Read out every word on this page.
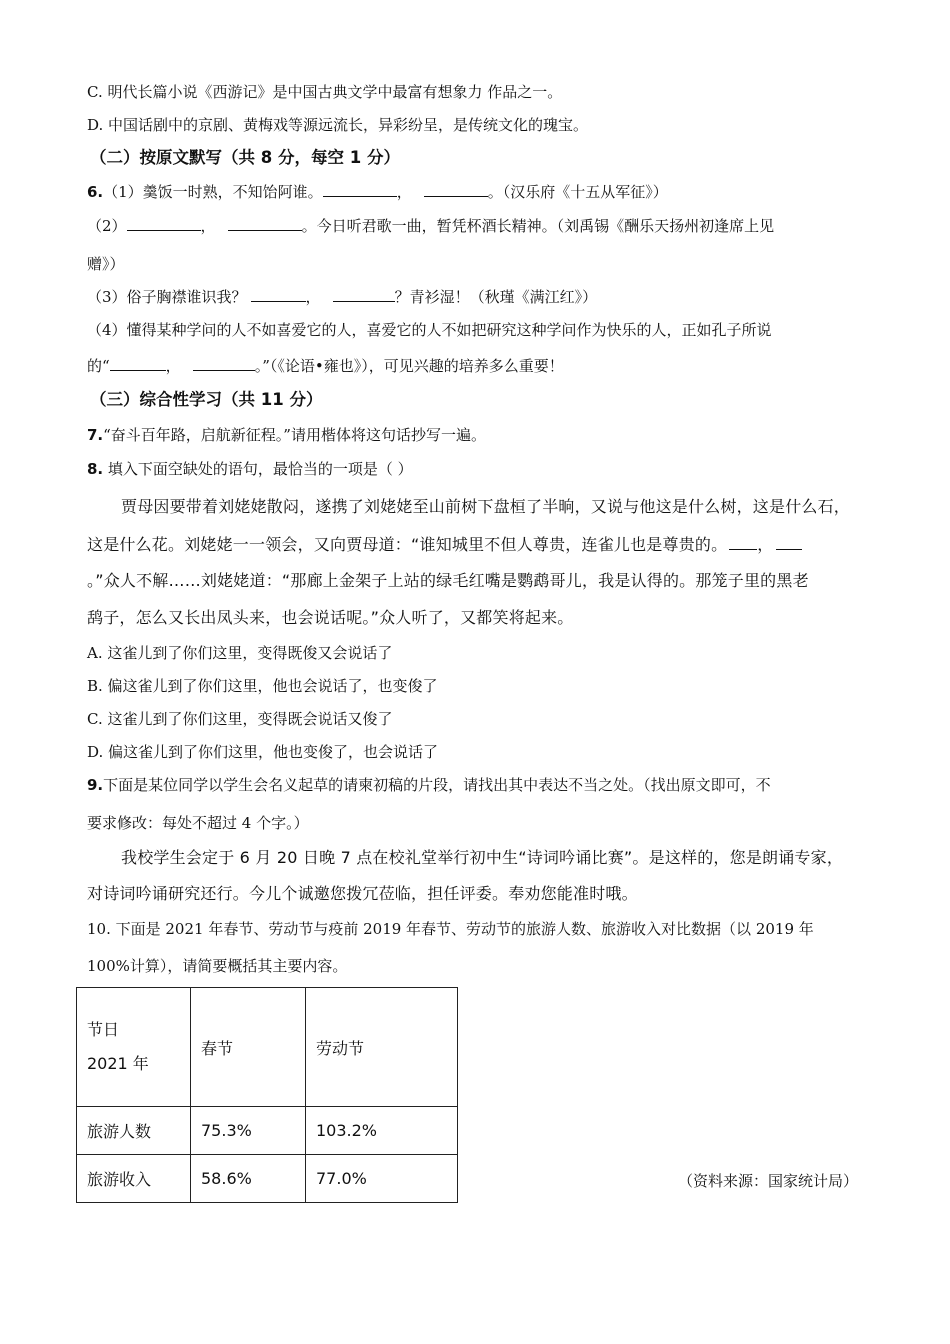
C. 明代长篇小说《西游记》是中国古典文学中最富有想象力 作品之一。
D. 中国话剧中的京剧、黄梅戏等源远流长，异彩纷呈，是传统文化的瑰宝。
（二）按原文默写（共 8 分，每空 1 分）
6.（1）羹饭一时熟，不知饴阿谁。	，	。（汉乐府《十五从军征》）
（2）	，	。今日听君歌一曲，暂凭杯酒长精神。（刘禹锡《酬乐天扬州初逢席上见
赠》）
（3）俗子胸襟谁识我？	，	？青衫湿！（秋瑾《满江红》）
（4）懂得某种学问的人不如喜爱它的人，喜爱它的人不如把研究这种学问作为快乐的人，正如孔子所说
的“	，	。”（《论语•雍也》），可见兴趣的培养多么重要！
（三）综合性学习（共 11 分）
7.“奋斗百年路，启航新征程。”请用楷体将这句话抄写一遍。
8. 填入下面空缺处的语句，最恰当的一项是（ ）
贾母因要带着刘姥姥散闷，遂携了刘姥姥至山前树下盘桓了半晌，又说与他这是什么树，这是什么石，
这是什么花。刘姥姥一一领会，又向贾母道：“谁知城里不但人尊贵，连雀儿也是尊贵的。 ，
。”众人不解……刘姥姥道：“那廊上金架子上站的绿毛红嘴是鹦鹉哥儿，我是认得的。那笼子里的黑老
鸹子，怎么又长出凤头来，也会说话呢。”众人听了，又都笑将起来。
A. 这雀儿到了你们这里，变得既俊又会说话了
B. 偏这雀儿到了你们这里，他也会说话了，也变俊了
C. 这雀儿到了你们这里，变得既会说话又俊了
D. 偏这雀儿到了你们这里，他也变俊了，也会说话了
9.下面是某位同学以学生会名义起草的请柬初稿的片段，请找出其中表达不当之处。（找出原文即可，不
要求修改：每处不超过 4 个字。）
我校学生会定于 6 月 20 日晚 7 点在校礼堂举行初中生“诗词吟诵比赛”。是这样的，您是朗诵专家，
对诗词吟诵研究还行。今儿个诚邀您拨冗莅临，担任评委。奉劝您能准时哦。
10. 下面是 2021 年春节、劳动节与疫前 2019 年春节、劳动节的旅游人数、旅游收入对比数据（以 2019 年
100%计算），请简要概括其主要内容。
节日
2021 年	春节	劳动节
旅游人数	75.3%	103.2%
旅游收入	58.6%	77.0%	（资料来源：国家统计局）
